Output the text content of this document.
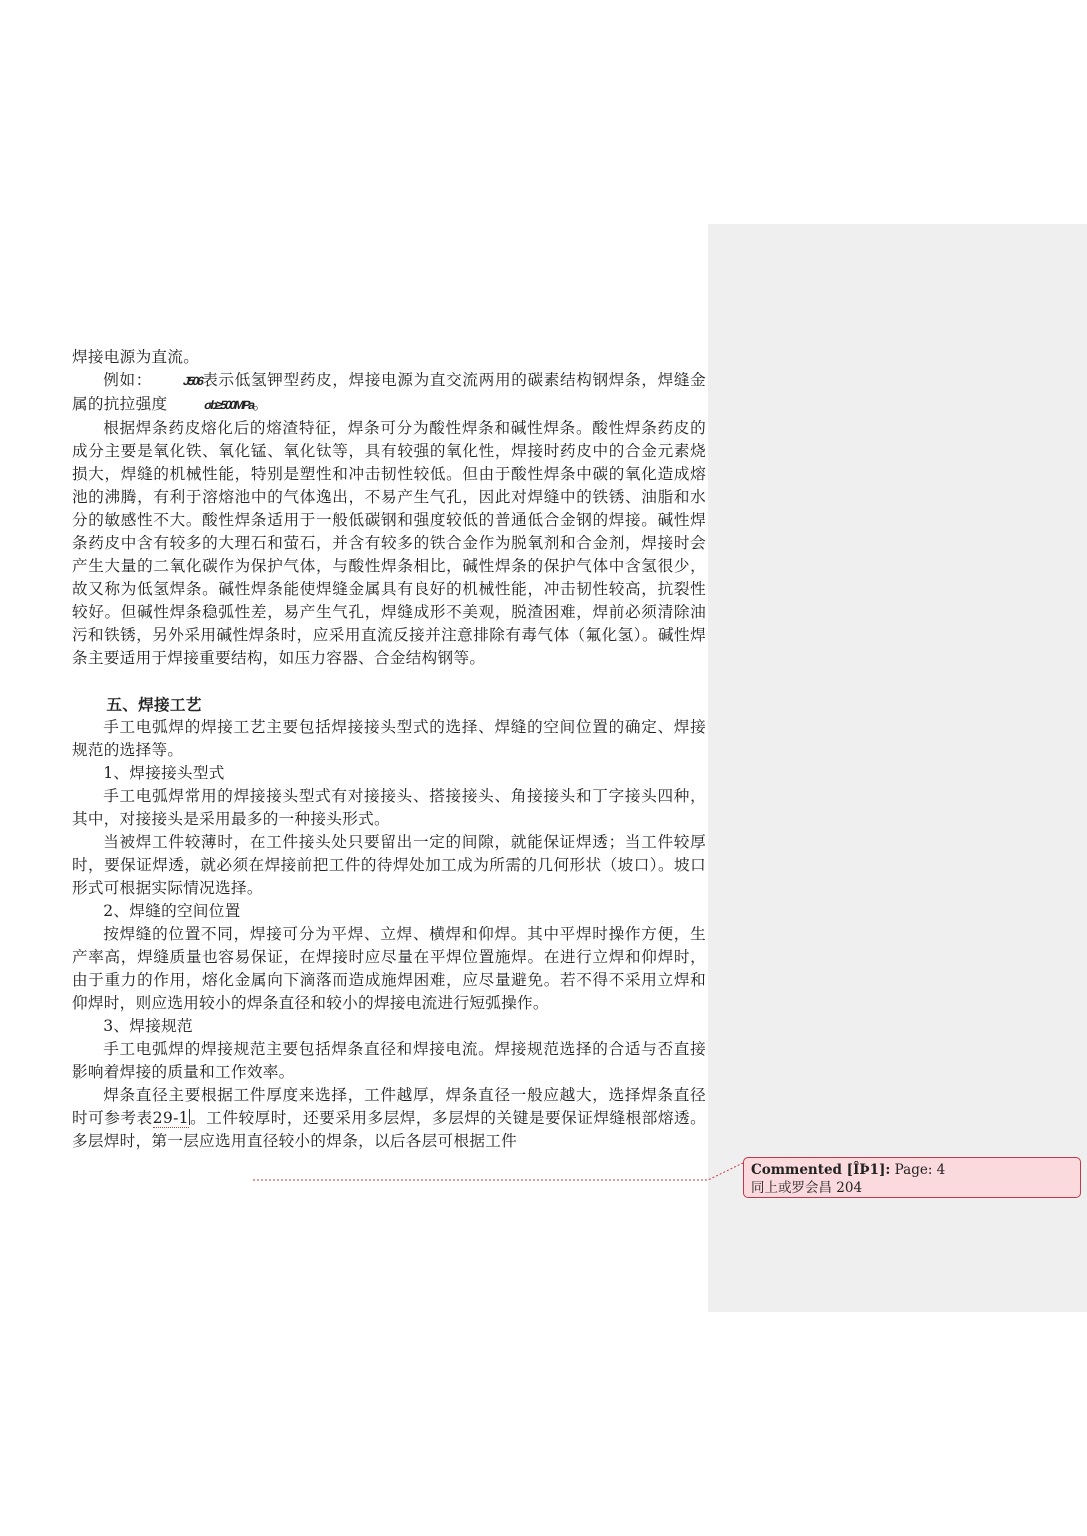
焊接电源为直流。

例如： J506表示低氢钾型药皮，焊接电源为直交流两用的碳素结构钢焊条，焊缝金属的抗拉强度	σb≥500MPa。

根据焊条药皮熔化后的熔渣特征，焊条可分为酸性焊条和碱性焊条。酸性焊条药皮的成分主要是氧化铁、氧化锰、氧化钛等，具有较强的氧化性，焊接时药皮中的合金元素烧损大，焊缝的机械性能，特别是塑性和冲击韧性较低。但由于酸性焊条中碳的氧化造成熔池的沸腾，有利于溶熔池中的气体逸出，不易产生气孔，因此对焊缝中的铁锈、油脂和水分的敏感性不大。酸性焊条适用于一般低碳钢和强度较低的普通低合金钢的焊接。碱性焊条药皮中含有较多的大理石和萤石，并含有较多的铁合金作为脱氧剂和合金剂，焊接时会产生大量的二氧化碳作为保护气体，与酸性焊条相比，碱性焊条的保护气体中含氢很少，故又称为低氢焊条。碱性焊条能使焊缝金属具有良好的机械性能，冲击韧性较高，抗裂性较好。但碱性焊条稳弧性差，易产生气孔，焊缝成形不美观，脱渣困难，焊前必须清除油污和铁锈，另外采用碱性焊条时，应采用直流反接并注意排除有毒气体（氟化氢）。碱性焊条主要适用于焊接重要结构，如压力容器、合金结构钢等。

五、焊接工艺

手工电弧焊的焊接工艺主要包括焊接接头型式的选择、焊缝的空间位置的确定、焊接规范的选择等。

1、焊接接头型式

手工电弧焊常用的焊接接头型式有对接接头、搭接接头、角接接头和丁字接头四种，其中，对接接头是采用最多的一种接头形式。

当被焊工件较薄时，在工件接头处只要留出一定的间隙，就能保证焊透；当工件较厚时，要保证焊透，就必须在焊接前把工件的待焊处加工成为所需的几何形状（坡口）。坡口形式可根据实际情况选择。

2、焊缝的空间位置

按焊缝的位置不同，焊接可分为平焊、立焊、横焊和仰焊。其中平焊时操作方便，生产率高，焊缝质量也容易保证，在焊接时应尽量在平焊位置施焊。在进行立焊和仰焊时，由于重力的作用，熔化金属向下滴落而造成施焊困难，应尽量避免。若不得不采用立焊和仰焊时，则应选用较小的焊条直径和较小的焊接电流进行短弧操作。

3、焊接规范

手工电弧焊的焊接规范主要包括焊条直径和焊接电流。焊接规范选择的合适与否直接影响着焊接的质量和工作效率。

焊条直径主要根据工件厚度来选择，工件越厚，焊条直径一般应越大，选择焊条直径时可参考表29-1。工件较厚时，还要采用多层焊，多层焊的关键是要保证焊缝根部熔透。多层焊时，第一层应选用直径较小的焊条，以后各层可根据工件

Commented [ÎÞ1]: Page: 4
同上或罗会昌 204
